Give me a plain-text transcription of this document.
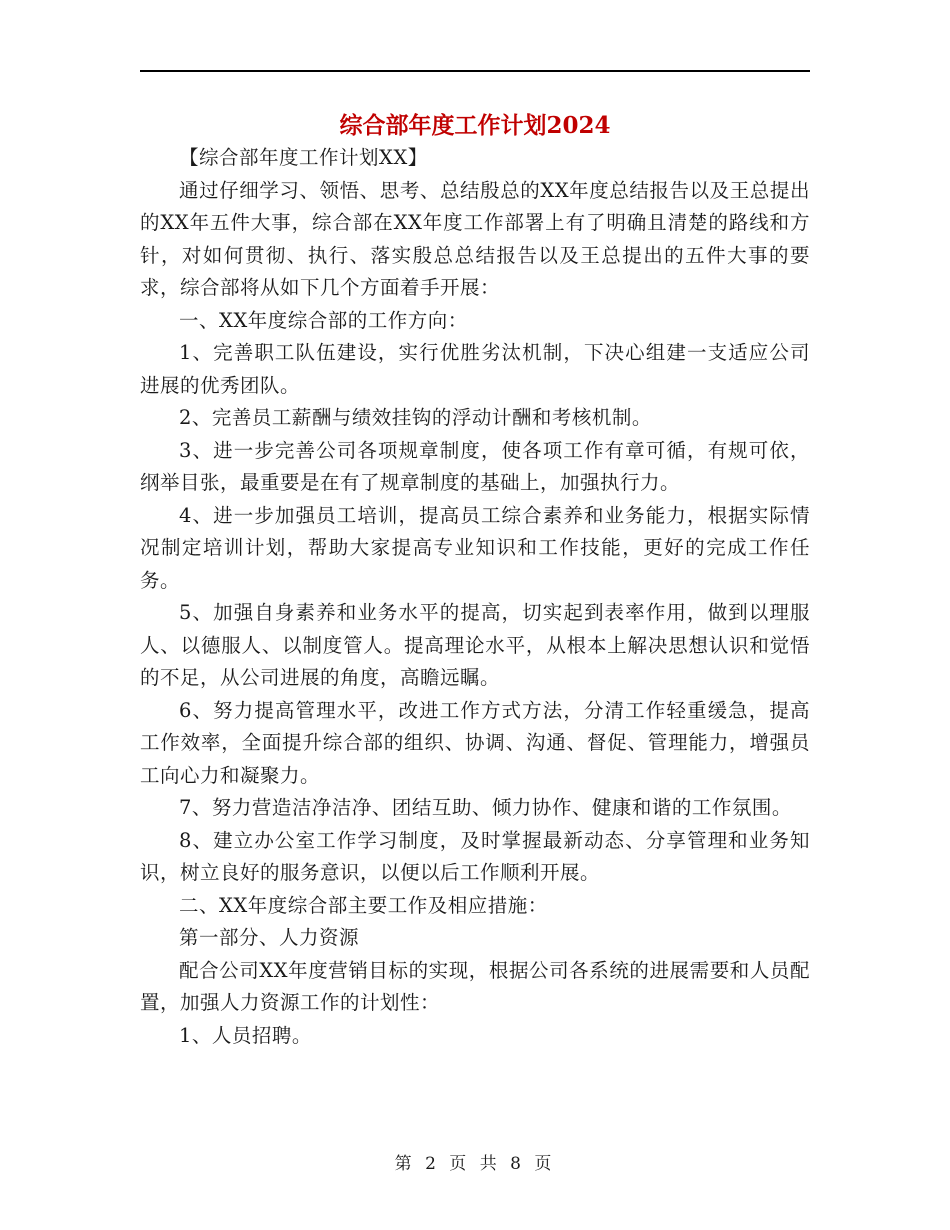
综合部年度工作计划2024

【综合部年度工作计划XX】

通过仔细学习、领悟、思考、总结殷总的XX年度总结报告以及王总提出的XX年五件大事，综合部在XX年度工作部署上有了明确且清楚的路线和方针，对如何贯彻、执行、落实殷总总结报告以及王总提出的五件大事的要求，综合部将从如下几个方面着手开展：

一、XX年度综合部的工作方向：

1、完善职工队伍建设，实行优胜劣汰机制，下决心组建一支适应公司进展的优秀团队。

2、完善员工薪酬与绩效挂钩的浮动计酬和考核机制。

3、进一步完善公司各项规章制度，使各项工作有章可循，有规可依，纲举目张，最重要是在有了规章制度的基础上，加强执行力。

4、进一步加强员工培训，提高员工综合素养和业务能力，根据实际情况制定培训计划，帮助大家提高专业知识和工作技能，更好的完成工作任务。

5、加强自身素养和业务水平的提高，切实起到表率作用，做到以理服人、以德服人、以制度管人。提高理论水平，从根本上解决思想认识和觉悟的不足，从公司进展的角度，高瞻远瞩。

6、努力提高管理水平，改进工作方式方法，分清工作轻重缓急，提高工作效率，全面提升综合部的组织、协调、沟通、督促、管理能力，增强员工向心力和凝聚力。

7、努力营造洁净洁净、团结互助、倾力协作、健康和谐的工作氛围。

8、建立办公室工作学习制度，及时掌握最新动态、分享管理和业务知识，树立良好的服务意识，以便以后工作顺利开展。

二、XX年度综合部主要工作及相应措施：

第一部分、人力资源

配合公司XX年度营销目标的实现，根据公司各系统的进展需要和人员配置，加强人力资源工作的计划性：

1、人员招聘。

第 2 页 共 8 页
